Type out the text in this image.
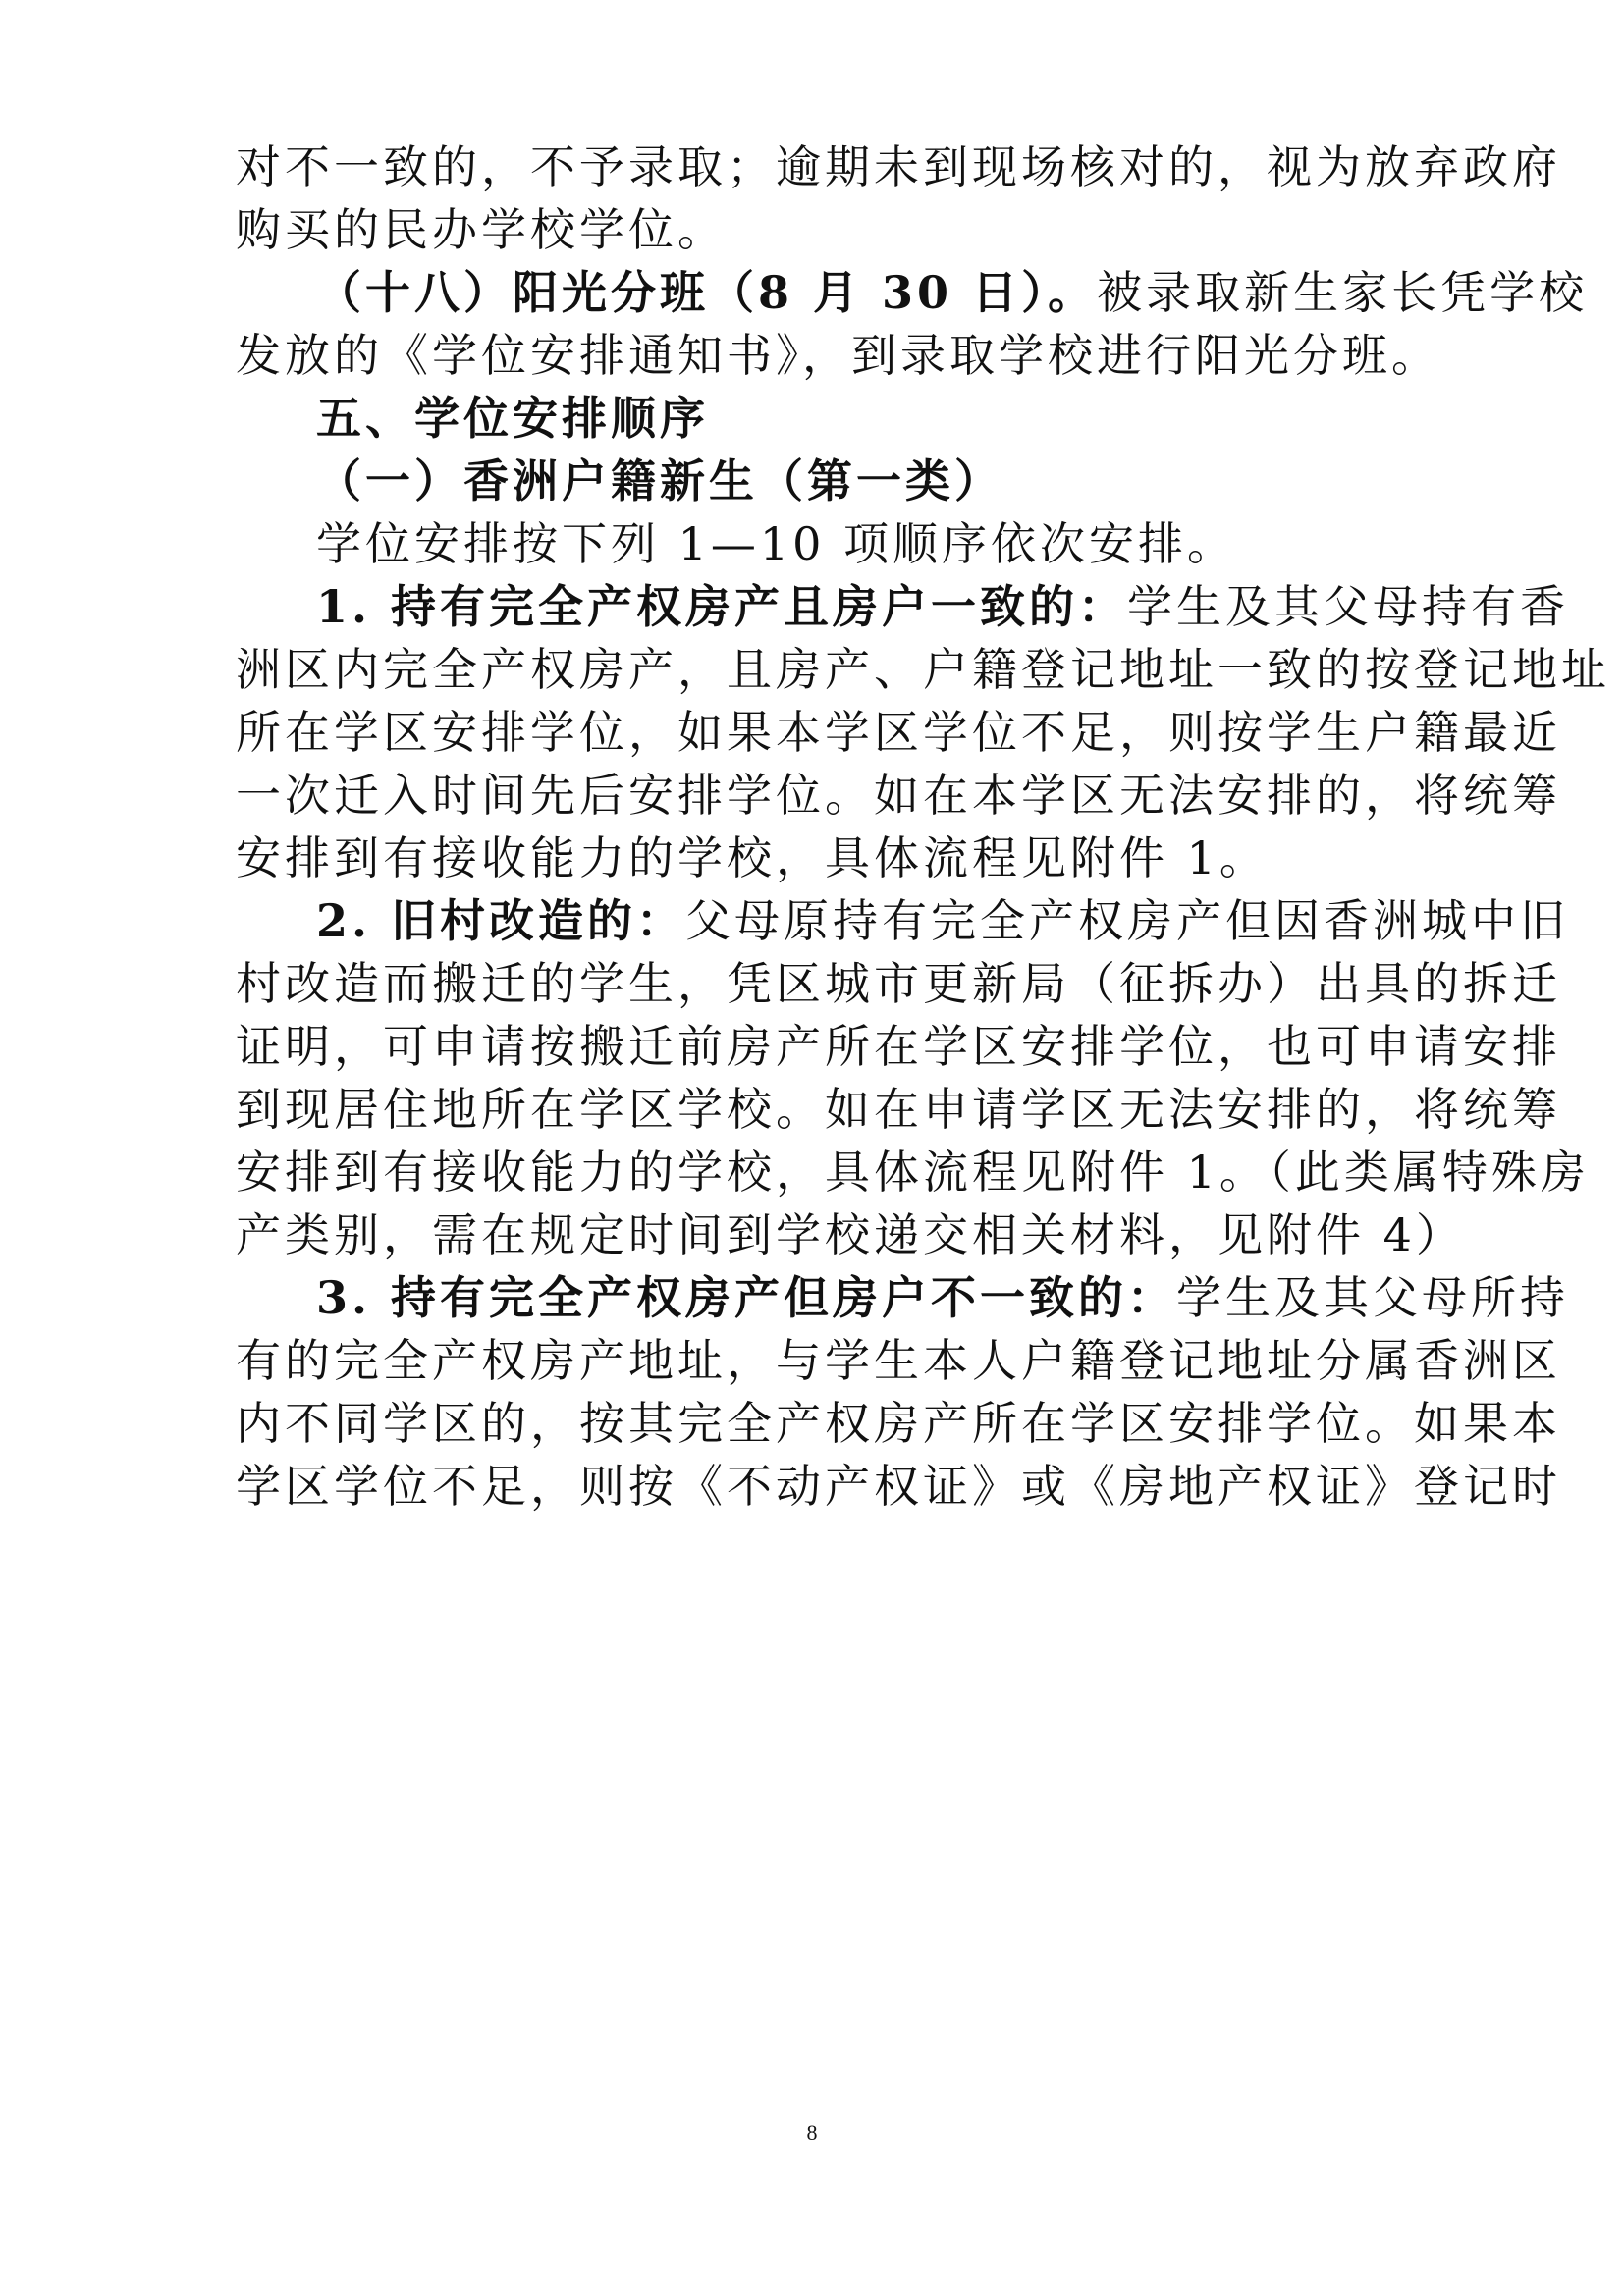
对不一致的，不予录取；逾期未到现场核对的，视为放弃政府
购买的民办学校学位。
（十八）阳光分班（8 月 30 日）。被录取新生家长凭学校
发放的《学位安排通知书》，到录取学校进行阳光分班。
五、学位安排顺序
（一）香洲户籍新生（第一类）
学位安排按下列 1—10 项顺序依次安排。
1. 持有完全产权房产且房户一致的：学生及其父母持有香
洲区内完全产权房产，且房产、户籍登记地址一致的按登记地址
所在学区安排学位，如果本学区学位不足，则按学生户籍最近
一次迁入时间先后安排学位。如在本学区无法安排的，将统筹
安排到有接收能力的学校，具体流程见附件 1。
2. 旧村改造的：父母原持有完全产权房产但因香洲城中旧
村改造而搬迁的学生，凭区城市更新局（征拆办）出具的拆迁
证明，可申请按搬迁前房产所在学区安排学位，也可申请安排
到现居住地所在学区学校。如在申请学区无法安排的，将统筹
安排到有接收能力的学校，具体流程见附件 1。（此类属特殊房
产类别，需在规定时间到学校递交相关材料，见附件 4）
3. 持有完全产权房产但房户不一致的：学生及其父母所持
有的完全产权房产地址，与学生本人户籍登记地址分属香洲区
内不同学区的，按其完全产权房产所在学区安排学位。如果本
学区学位不足，则按《不动产权证》或《房地产权证》登记时
8
